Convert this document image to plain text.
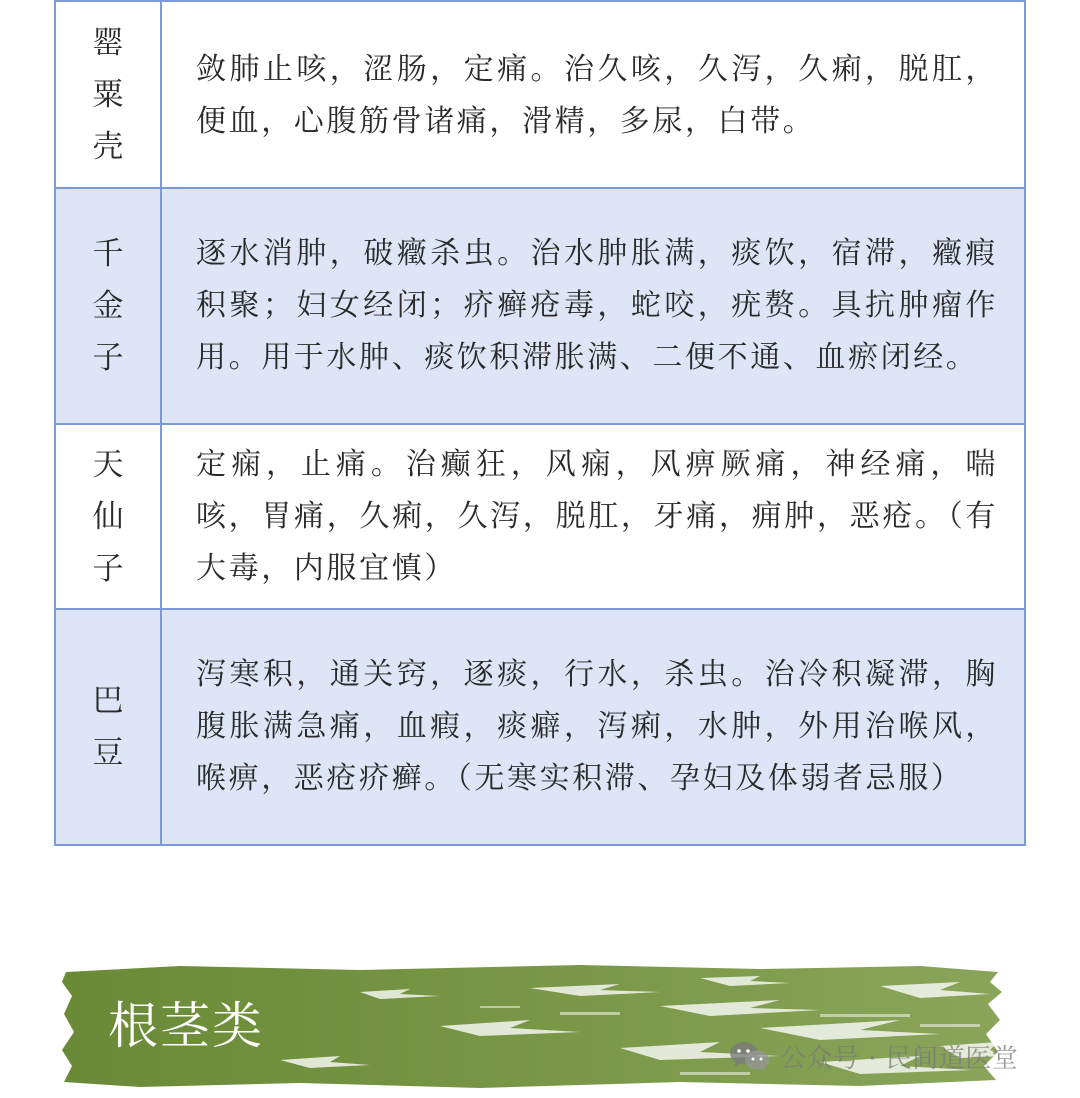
罂粟壳	敛肺止咳，涩肠，定痛。治久咳，久泻，久痢，脱肛，便血，心腹筋骨诸痛，滑精，多尿，白带。

千金子	逐水消肿，破癥杀虫。治水肿胀满，痰饮，宿滞，癥瘕积聚；妇女经闭；疥癣疮毒，蛇咬，疣赘。具抗肿瘤作用。用于水肿、痰饮积滞胀满、二便不通、血瘀闭经。

天仙子	定痫，止痛。治癫狂，风痫，风痹厥痛，神经痛，喘咳，胃痛，久痢，久泻，脱肛，牙痛，痈肿，恶疮。（有大毒，内服宜慎）

巴豆	泻寒积，通关窍，逐痰，行水，杀虫。治冷积凝滞，胸腹胀满急痛，血瘕，痰癖，泻痢，水肿，外用治喉风，喉痹，恶疮疥癣。（无寒实积滞、孕妇及体弱者忌服）
根茎类
公众号 · 民间道医堂
